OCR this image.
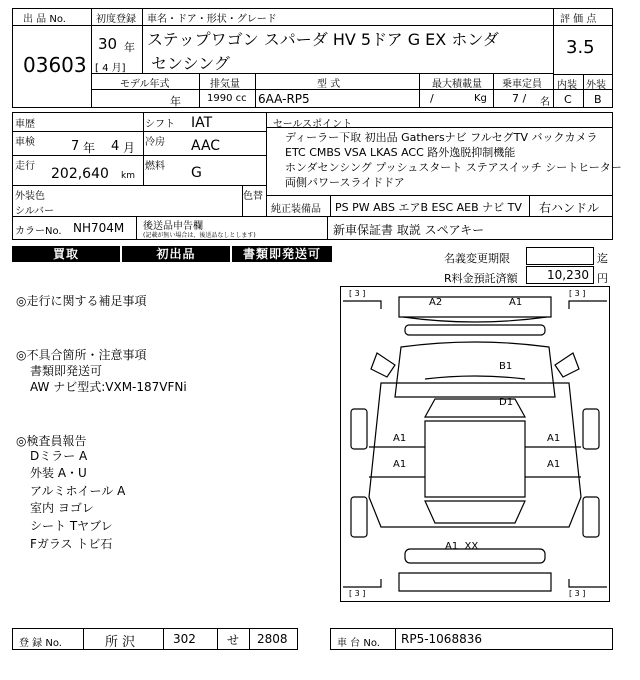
出 品 No.
03603
初度登録
30 年
[ 4 月]
車名・ドア・形状・グレード
ステップワゴン スパーダ HV 5ドア G EX ホンダ
センシング
評 価 点
3.5
内装 外装
C B
モデル年式
年
排気量
1990 cc
型 式
6AA-RP5
最大積載量
/	Kg
乗車定員
7 / 名
車歴
車検	7 年 4 月
走行 202,640 km
シフト IAT
冷房 AAC
燃料 G
セールスポイント
ディーラー下取 初出品 Gathersナビ フルセグTV バックカメラ
ETC CMBS VSA LKAS ACC 路外逸脱抑制機能
ホンダセンシング プッシュスタート ステアスイッチ シートヒーター
両側パワースライドドア
外装色
シルバー
色替
純正装備品 PS PW ABS エアB ESC AEB ナビ TV 右ハンドル
カラーNo. NH704M 後送品申告欄
(記載が無い場合は、後送品なしとします)	新車保証書 取説 スペアキー
買取	初出品	書類即発送可	名義変更期限	迄
R料金預託済額 10,230 円
◎走行に関する補足事項
◎不具合箇所・注意事項
書類即発送可
AW ナビ型式:VXM-187VFNi
◎検査員報告
Dミラー A
外装 A・U
アルミホイール A
室内 ヨゴレ
シート Tヤブレ
Fガラス トビ石
[ 3 ]	[ 3 ]
[ 3 ]	[ 3 ]
A2	A1
B1
D1
A1
A1
A1
A1
A1  XX
登 録 No.	所 沢	302	せ 2808	車 台 No. RP5-1068836
